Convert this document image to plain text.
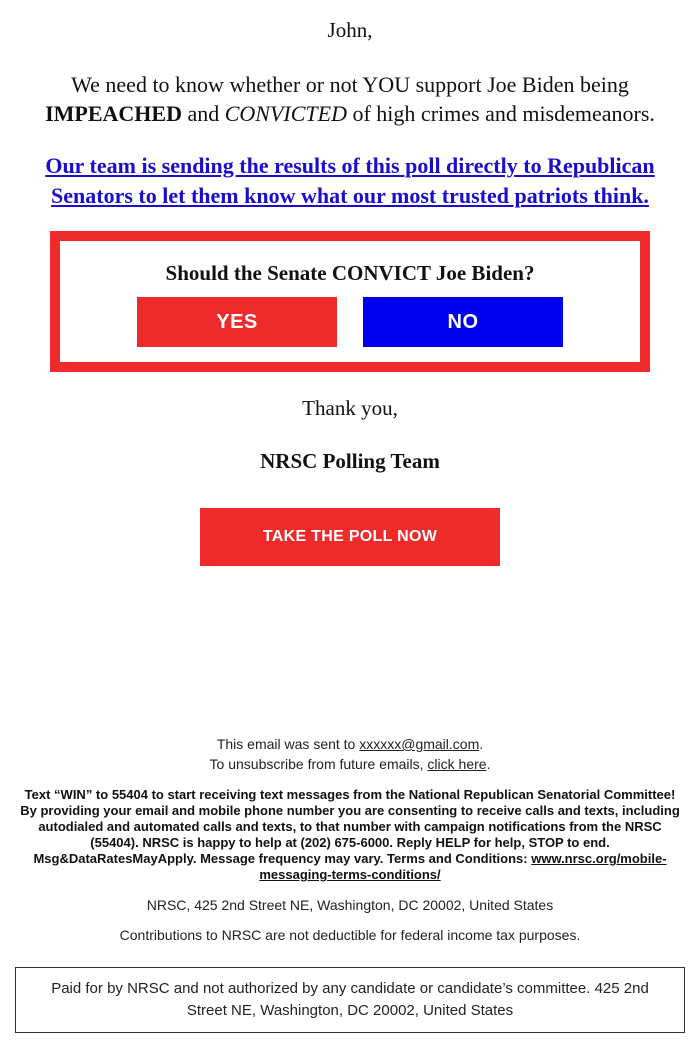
John,
We need to know whether or not YOU support Joe Biden being IMPEACHED and CONVICTED of high crimes and misdemeanors.
Our team is sending the results of this poll directly to Republican Senators to let them know what our most trusted patriots think.
Should the Senate CONVICT Joe Biden?
YES	NO
Thank you,
NRSC Polling Team
TAKE THE POLL NOW
This email was sent to xxxxxx@gmail.com.
To unsubscribe from future emails, click here.
Text “WIN” to 55404 to start receiving text messages from the National Republican Senatorial Committee! By providing your email and mobile phone number you are consenting to receive calls and texts, including autodialed and automated calls and texts, to that number with campaign notifications from the NRSC (55404). NRSC is happy to help at (202) 675-6000. Reply HELP for help, STOP to end. Msg&DataRatesMayApply. Message frequency may vary. Terms and Conditions: www.nrsc.org/mobile-messaging-terms-conditions/
NRSC, 425 2nd Street NE, Washington, DC 20002, United States
Contributions to NRSC are not deductible for federal income tax purposes.
Paid for by NRSC and not authorized by any candidate or candidate’s committee. 425 2nd Street NE, Washington, DC 20002, United States
